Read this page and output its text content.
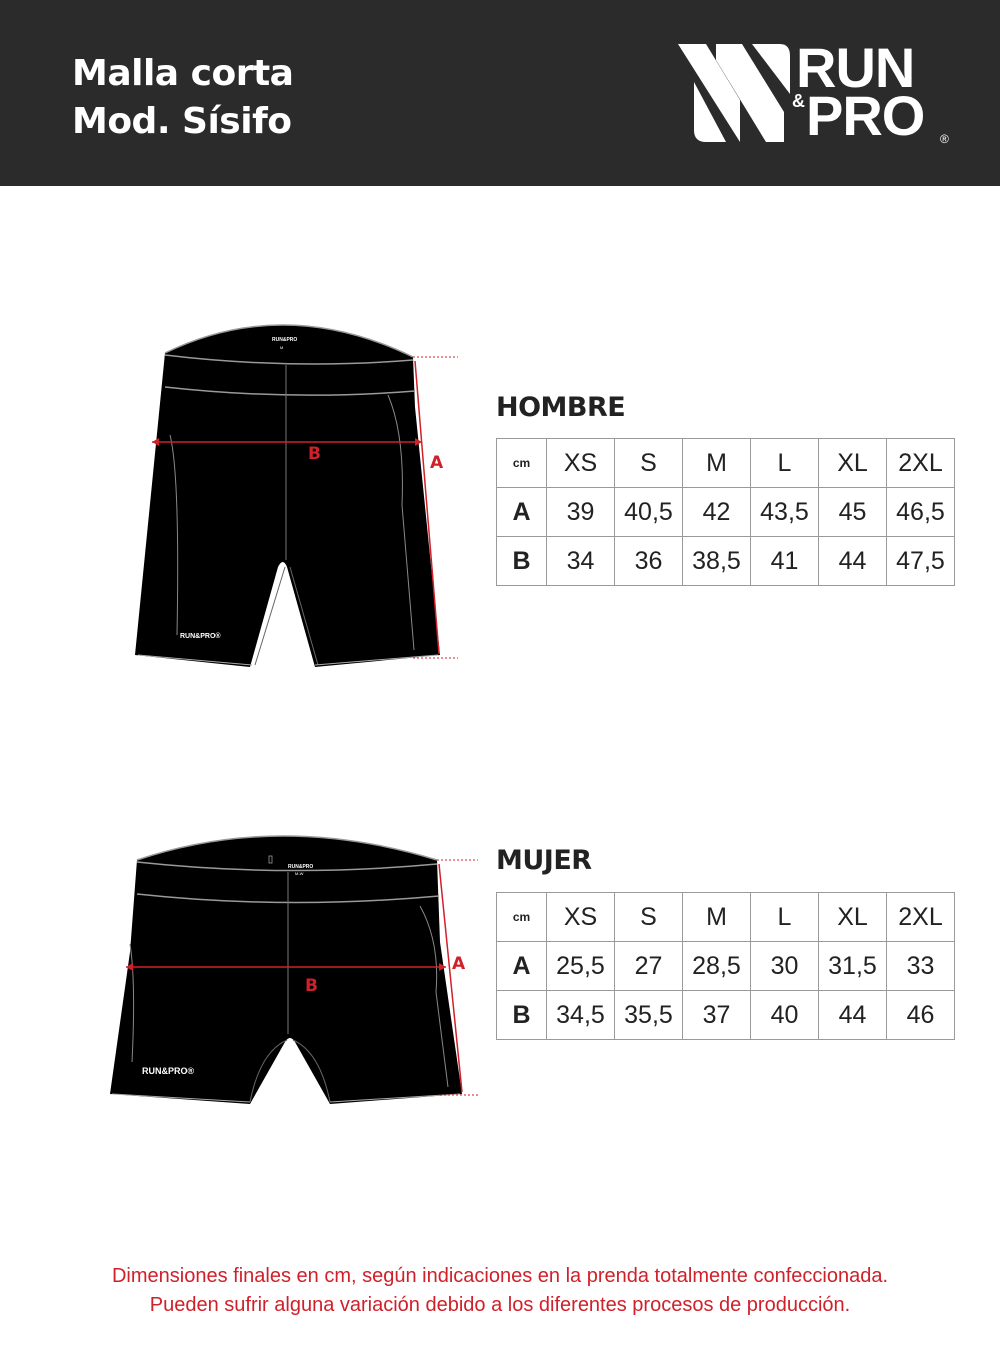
Malla corta
Mod. Sísifo
RUN
& PRO ®
RUN&PRO
M
RUN&PRO®
B	A
HOMBRE
cm	XS	S	M	L	XL	2XL
A	39	40,5	42	43,5	45	46,5
B	34	36	38,5	41	44	47,5
RUN&PRO
M-W
RUN&PRO®
B
A
MUJER
cm	XS	S	M	L	XL	2XL
A	25,5	27	28,5	30	31,5	33
B	34,5	35,5	37	40	44	46
Dimensiones finales en cm, según indicaciones en la prenda totalmente confeccionada.
Pueden sufrir alguna variación debido a los diferentes procesos de producción.
